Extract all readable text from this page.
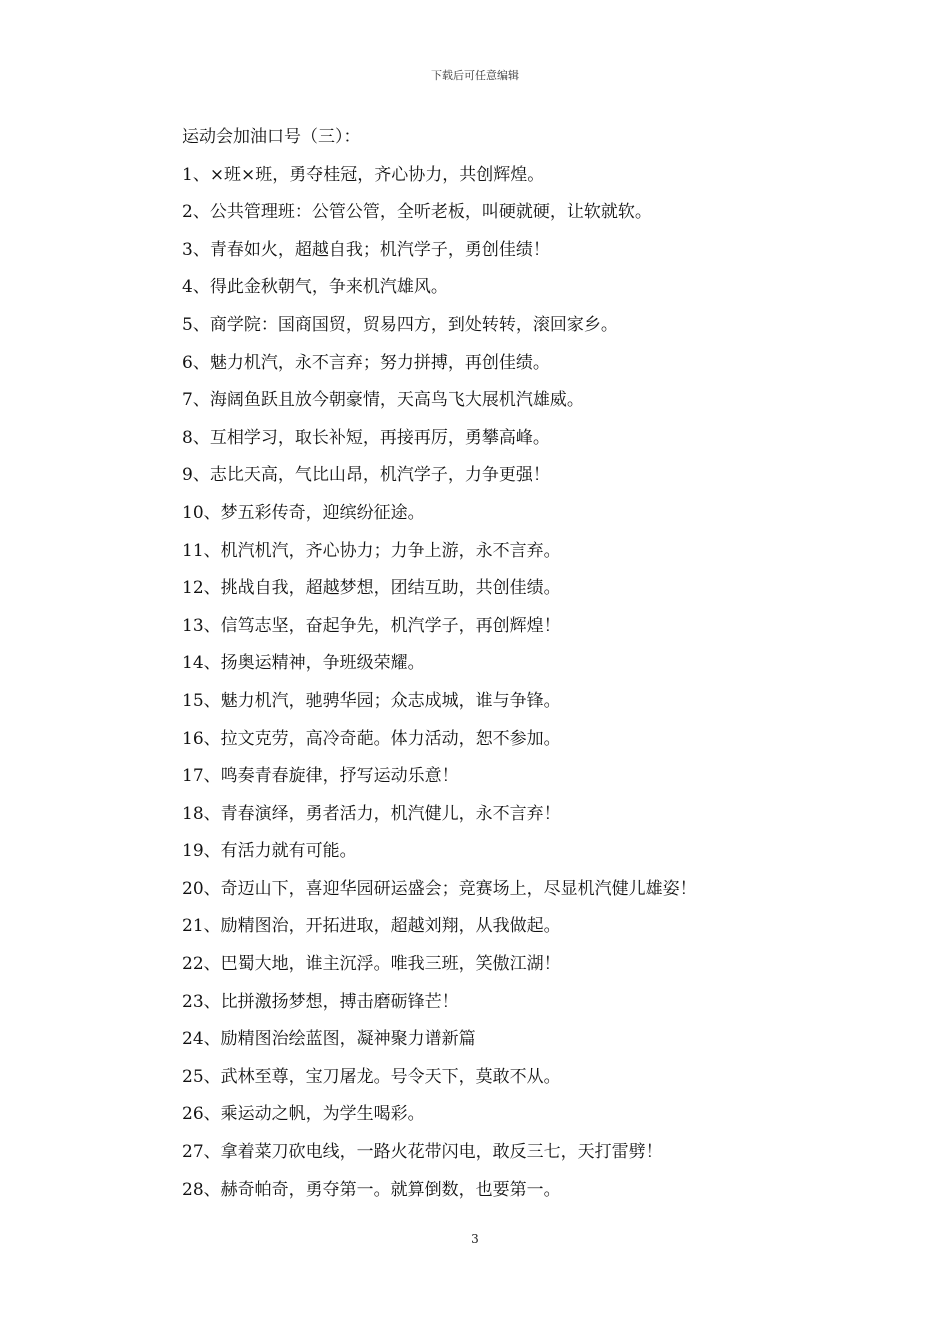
下载后可任意编辑
运动会加油口号（三）：
1、×班×班，勇夺桂冠，齐心协力，共创辉煌。
2、公共管理班：公管公管，全听老板，叫硬就硬，让软就软。
3、青春如火，超越自我；机汽学子，勇创佳绩！
4、得此金秋朝气，争来机汽雄风。
5、商学院：国商国贸，贸易四方，到处转转，滚回家乡。
6、魅力机汽，永不言弃；努力拼搏，再创佳绩。
7、海阔鱼跃且放今朝豪情，天高鸟飞大展机汽雄威。
8、互相学习，取长补短，再接再厉，勇攀高峰。
9、志比天高，气比山昂，机汽学子，力争更强！
10、梦五彩传奇，迎缤纷征途。
11、机汽机汽，齐心协力；力争上游，永不言弃。
12、挑战自我，超越梦想，团结互助，共创佳绩。
13、信笃志坚，奋起争先，机汽学子，再创辉煌！
14、扬奥运精神，争班级荣耀。
15、魅力机汽，驰骋华园；众志成城，谁与争锋。
16、拉文克劳，高冷奇葩。体力活动，恕不参加。
17、鸣奏青春旋律，抒写运动乐意！
18、青春演绎，勇者活力，机汽健儿，永不言弃！
19、有活力就有可能。
20、奇迈山下，喜迎华园研运盛会；竞赛场上，尽显机汽健儿雄姿！
21、励精图治，开拓进取，超越刘翔，从我做起。
22、巴蜀大地，谁主沉浮。唯我三班，笑傲江湖！
23、比拼激扬梦想，搏击磨砺锋芒！
24、励精图治绘蓝图，凝神聚力谱新篇
25、武林至尊，宝刀屠龙。号令天下，莫敢不从。
26、乘运动之帆，为学生喝彩。
27、拿着菜刀砍电线，一路火花带闪电，敢反三七，天打雷劈！
28、赫奇帕奇，勇夺第一。就算倒数，也要第一。
3
